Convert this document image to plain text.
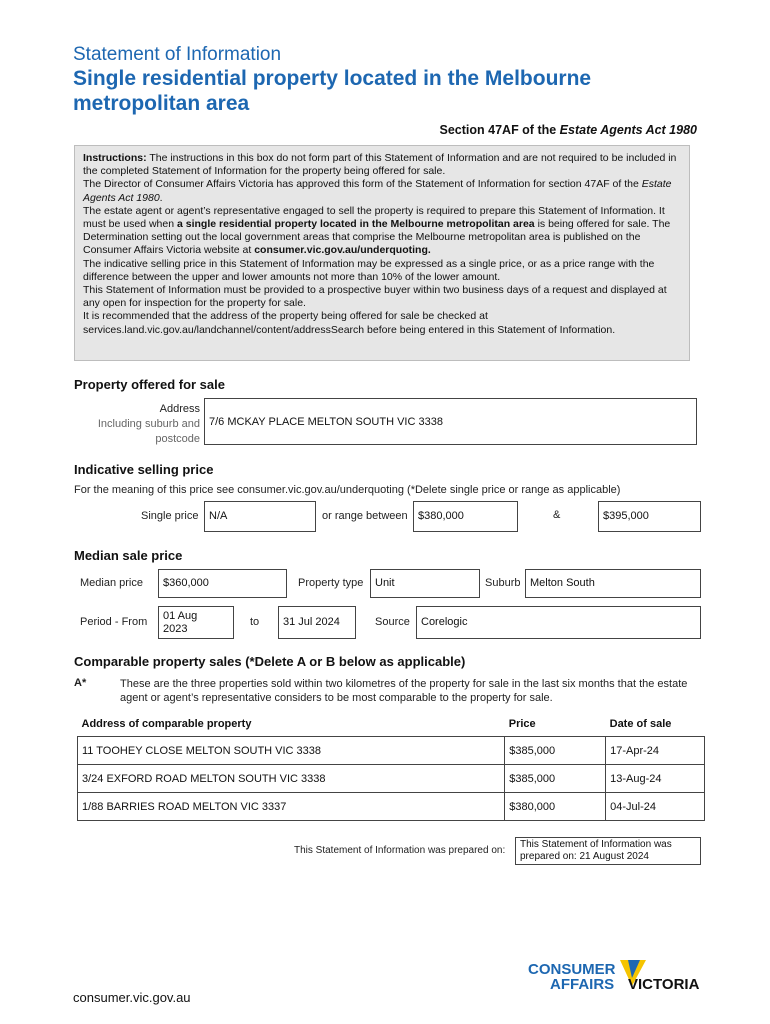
Statement of Information
Single residential property located in the Melbourne metropolitan area
Section 47AF of the Estate Agents Act 1980

Instructions: The instructions in this box do not form part of this Statement of Information and are not required to be included in the completed Statement of Information for the property being offered for sale.

The Director of Consumer Affairs Victoria has approved this form of the Statement of Information for section 47AF of the Estate Agents Act 1980.

The estate agent or agent’s representative engaged to sell the property is required to prepare this Statement of Information. It must be used when a single residential property located in the Melbourne metropolitan area is being offered for sale. The Determination setting out the local government areas that comprise the Melbourne metropolitan area is published on the Consumer Affairs Victoria website at consumer.vic.gov.au/underquoting.

The indicative selling price in this Statement of Information may be expressed as a single price, or as a price range with the difference between the upper and lower amounts not more than 10% of the lower amount.

This Statement of Information must be provided to a prospective buyer within two business days of a request and displayed at any open for inspection for the property for sale.

It is recommended that the address of the property being offered for sale be checked at services.land.vic.gov.au/landchannel/content/addressSearch before being entered in this Statement of Information.

Property offered for sale
Address
Including suburb and
postcode
7/6 MCKAY PLACE MELTON SOUTH VIC 3338
Indicative selling price
For the meaning of this price see consumer.vic.gov.au/underquoting (*Delete single price or range as applicable)
Single price N/A	or range between $380,000	&	$395,000
Median sale price
Median price	$360,000	Property type	Unit	Suburb Melton South
Period - From 01 Aug
2023
to	31 Jul 2024	Source	Corelogic
Comparable property sales (*Delete A or B below as applicable)
A*	These are the three properties sold within two kilometres of the property for sale in the last six months that the estate agent or agent’s representative considers to be most comparable to the property for sale.
Address of comparable property	Price	Date of sale
11 TOOHEY CLOSE MELTON SOUTH VIC 3338	$385,000	17-Apr-24
3/24 EXFORD ROAD MELTON SOUTH VIC 3338	$385,000	13-Aug-24
1/88 BARRIES ROAD MELTON VIC 3337	$380,000	04-Jul-24
This Statement of Information was prepared on:
This Statement of Information was
prepared on: 21 August 2024
CONSUMER
AFFAIRS VICTORIA
consumer.vic.gov.au
